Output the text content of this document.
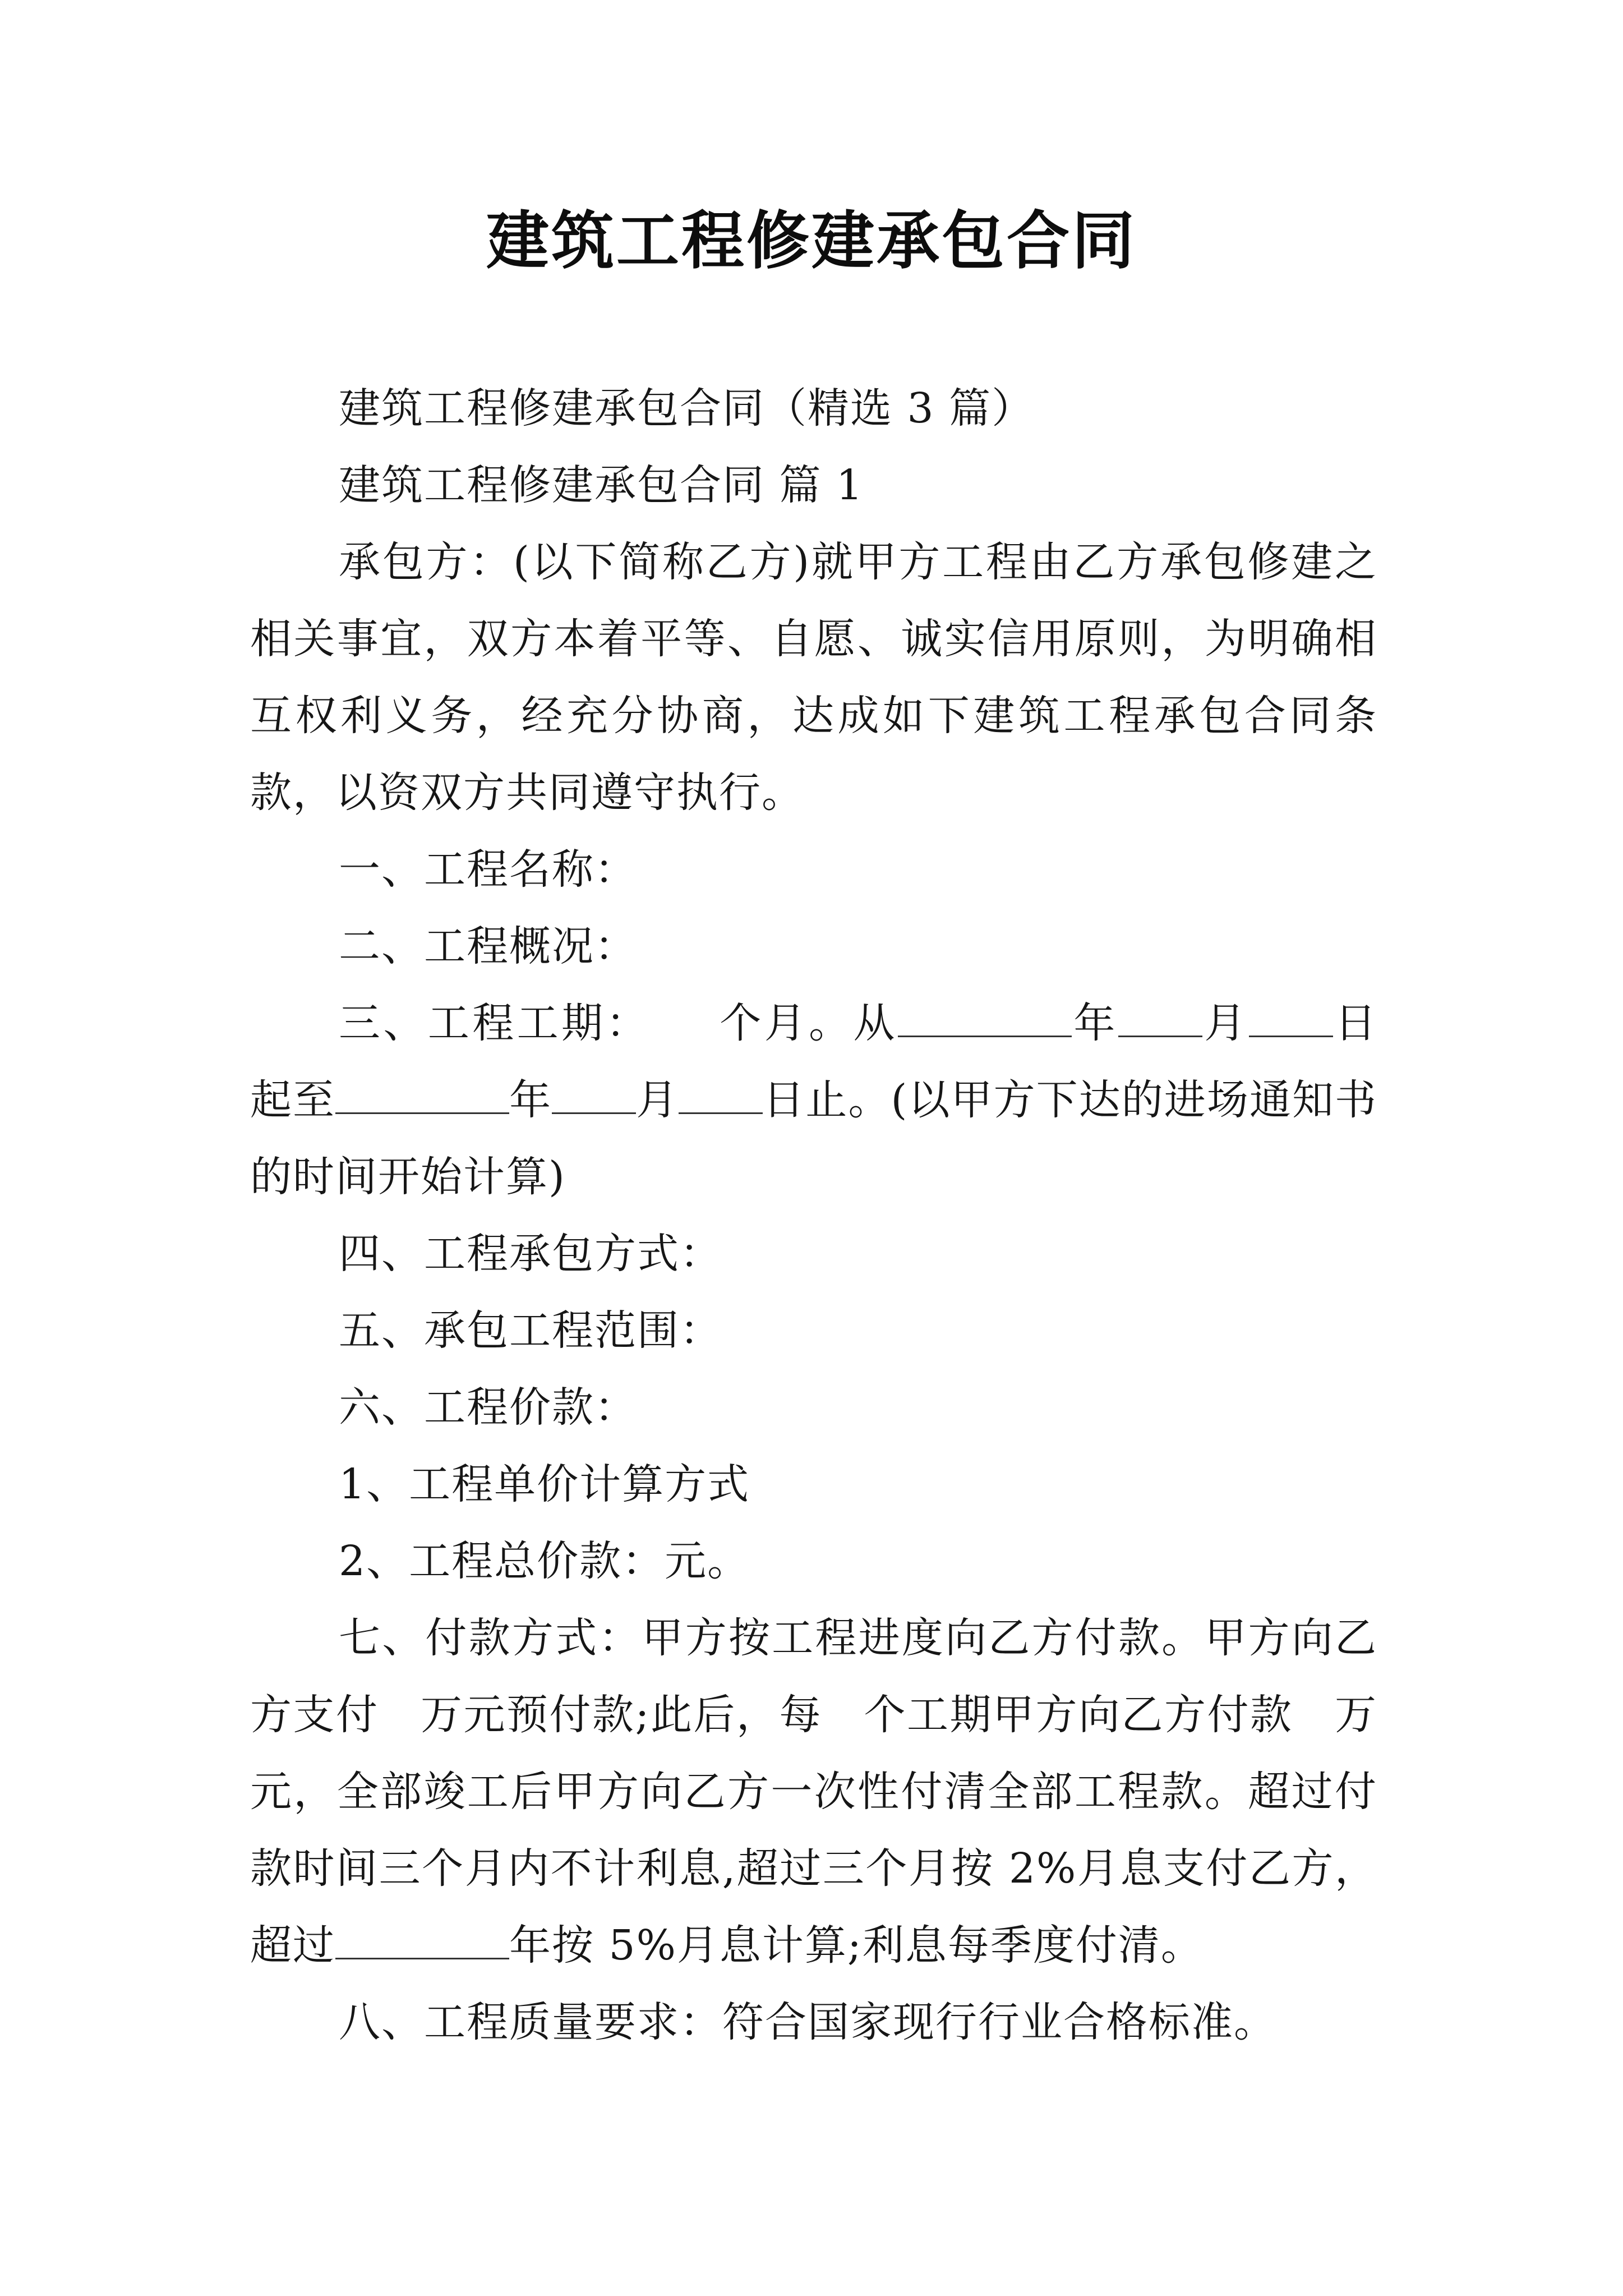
建筑工程修建承包合同

建筑工程修建承包合同（精选 3 篇）

建筑工程修建承包合同 篇 1

承包方：(以下简称乙方)就甲方工程由乙方承包修建之相关事宜，双方本着平等、自愿、诚实信用原则，为明确相互权利义务，经充分协商，达成如下建筑工程承包合同条款，以资双方共同遵守执行。

一、工程名称：

二、工程概况：

三、工程工期： 个月。从	年 月 日起至	年 月 日止。(以甲方下达的进场通知书的时间开始计算)

四、工程承包方式：

五、承包工程范围：

六、工程价款：

1、工程单价计算方式

2、工程总价款：元。

七、付款方式：甲方按工程进度向乙方付款。甲方向乙方支付 万元预付款;此后，每 个工期甲方向乙方付款 万元，全部竣工后甲方向乙方一次性付清全部工程款。超过付款时间三个月内不计利息,超过三个月按 2%月息支付乙方，超过	年按 5%月息计算;利息每季度付清。

八、工程质量要求：符合国家现行行业合格标准。
